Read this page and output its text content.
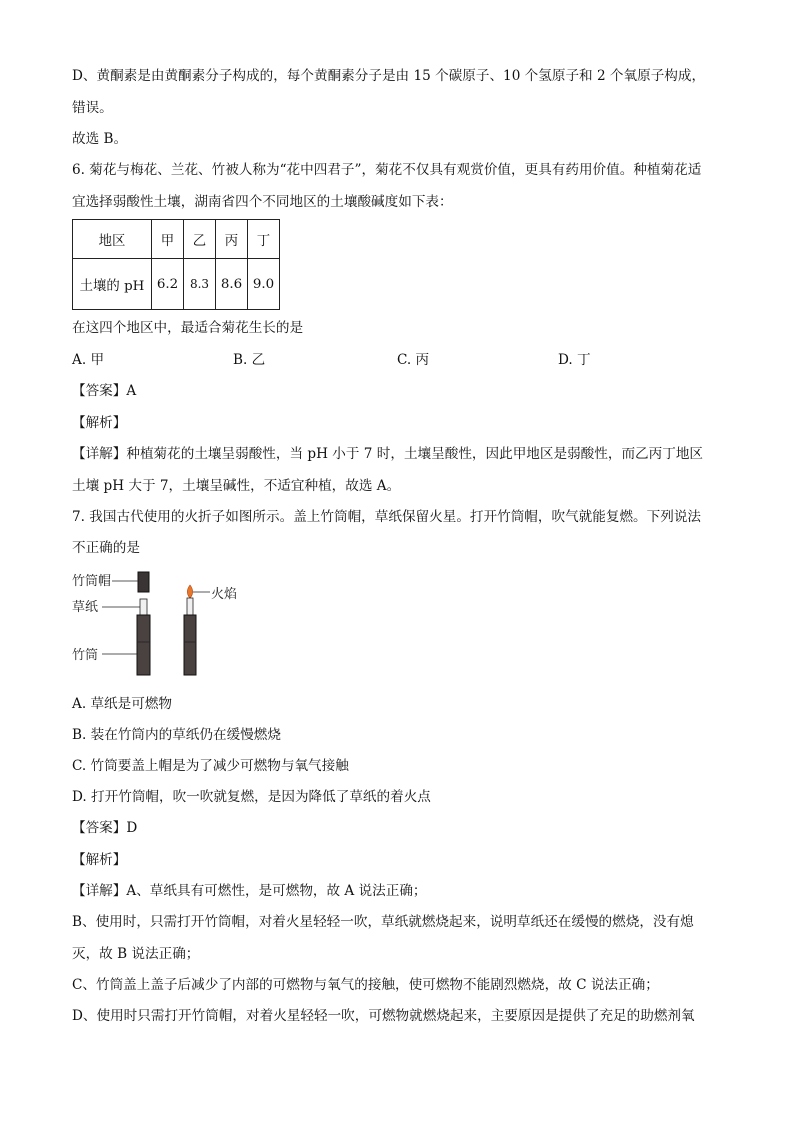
D、黄酮素是由黄酮素分子构成的，每个黄酮素分子是由 15 个碳原子、10 个氢原子和 2 个氧原子构成，
错误。
故选 B。
6. 菊花与梅花、兰花、竹被人称为“花中四君子”，菊花不仅具有观赏价值，更具有药用价值。种植菊花适
宜选择弱酸性土壤，湖南省四个不同地区的土壤酸碱度如下表：
地区	甲	乙	丙	丁
土壤的 pH	6.2	8.3	8.6	9.0
在这四个地区中，最适合菊花生长的是
A. 甲	B. 乙	C. 丙	D. 丁
【答案】A
【解析】
【详解】种植菊花的土壤呈弱酸性，当 pH 小于 7 时，土壤呈酸性，因此甲地区是弱酸性，而乙丙丁地区
土壤 pH 大于 7，土壤呈碱性，不适宜种植，故选 A。
7. 我国古代使用的火折子如图所示。盖上竹筒帽，草纸保留火星。打开竹筒帽，吹气就能复燃。下列说法
不正确的是
竹筒帽
草纸
竹筒
火焰
A. 草纸是可燃物
B. 装在竹筒内的草纸仍在缓慢燃烧
C. 竹筒要盖上帽是为了减少可燃物与氧气接触
D. 打开竹筒帽，吹一吹就复燃，是因为降低了草纸的着火点
【答案】D
【解析】
【详解】A、草纸具有可燃性，是可燃物，故 A 说法正确；
B、使用时，只需打开竹筒帽，对着火星轻轻一吹，草纸就燃烧起来，说明草纸还在缓慢的燃烧，没有熄
灭，故 B 说法正确；
C、竹筒盖上盖子后减少了内部的可燃物与氧气的接触，使可燃物不能剧烈燃烧，故 C 说法正确；
D、使用时只需打开竹筒帽，对着火星轻轻一吹，可燃物就燃烧起来，主要原因是提供了充足的助燃剂氧
